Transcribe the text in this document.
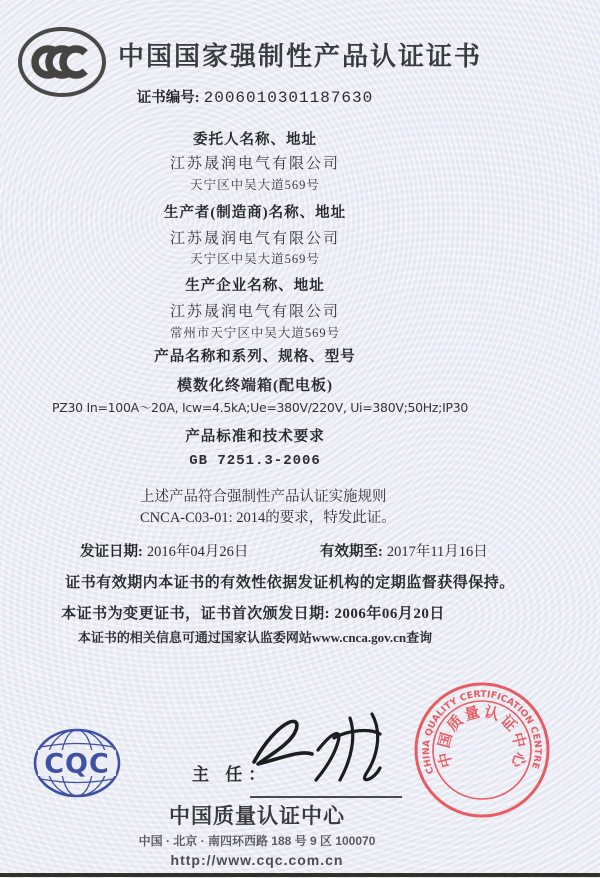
中国国家强制性产品认证证书
证书编号: 2006010301187630
委托人名称、地址
江苏晟润电气有限公司
天宁区中吴大道569号
生产者(制造商)名称、地址
江苏晟润电气有限公司
天宁区中吴大道569号
生产企业名称、地址
江苏晟润电气有限公司
常州市天宁区中吴大道569号
产品名称和系列、规格、型号
模数化终端箱(配电板)
PZ30 In=100A～20A, Icw=4.5kA;Ue=380V/220V, Ui=380V;50Hz;IP30
产品标准和技术要求
GB 7251.3-2006
上述产品符合强制性产品认证实施规则
CNCA-C03-01: 2014的要求，特发此证。
发证日期: 2016年04月26日	有效期至: 2017年11月16日
证书有效期内本证书的有效性依据发证机构的定期监督获得保持。
本证书为变更证书，证书首次颁发日期: 2006年06月20日
本证书的相关信息可通过国家认监委网站www.cnca.gov.cn查询
CQC	主 任：
中国质量认证中心
中国 · 北京 · 南四环西路 188 号 9 区 100070
http://www.cqc.com.cn
CHINA QUALITY CERTIFICATION CENTRE
中
国
质
量 认
证
中
心
